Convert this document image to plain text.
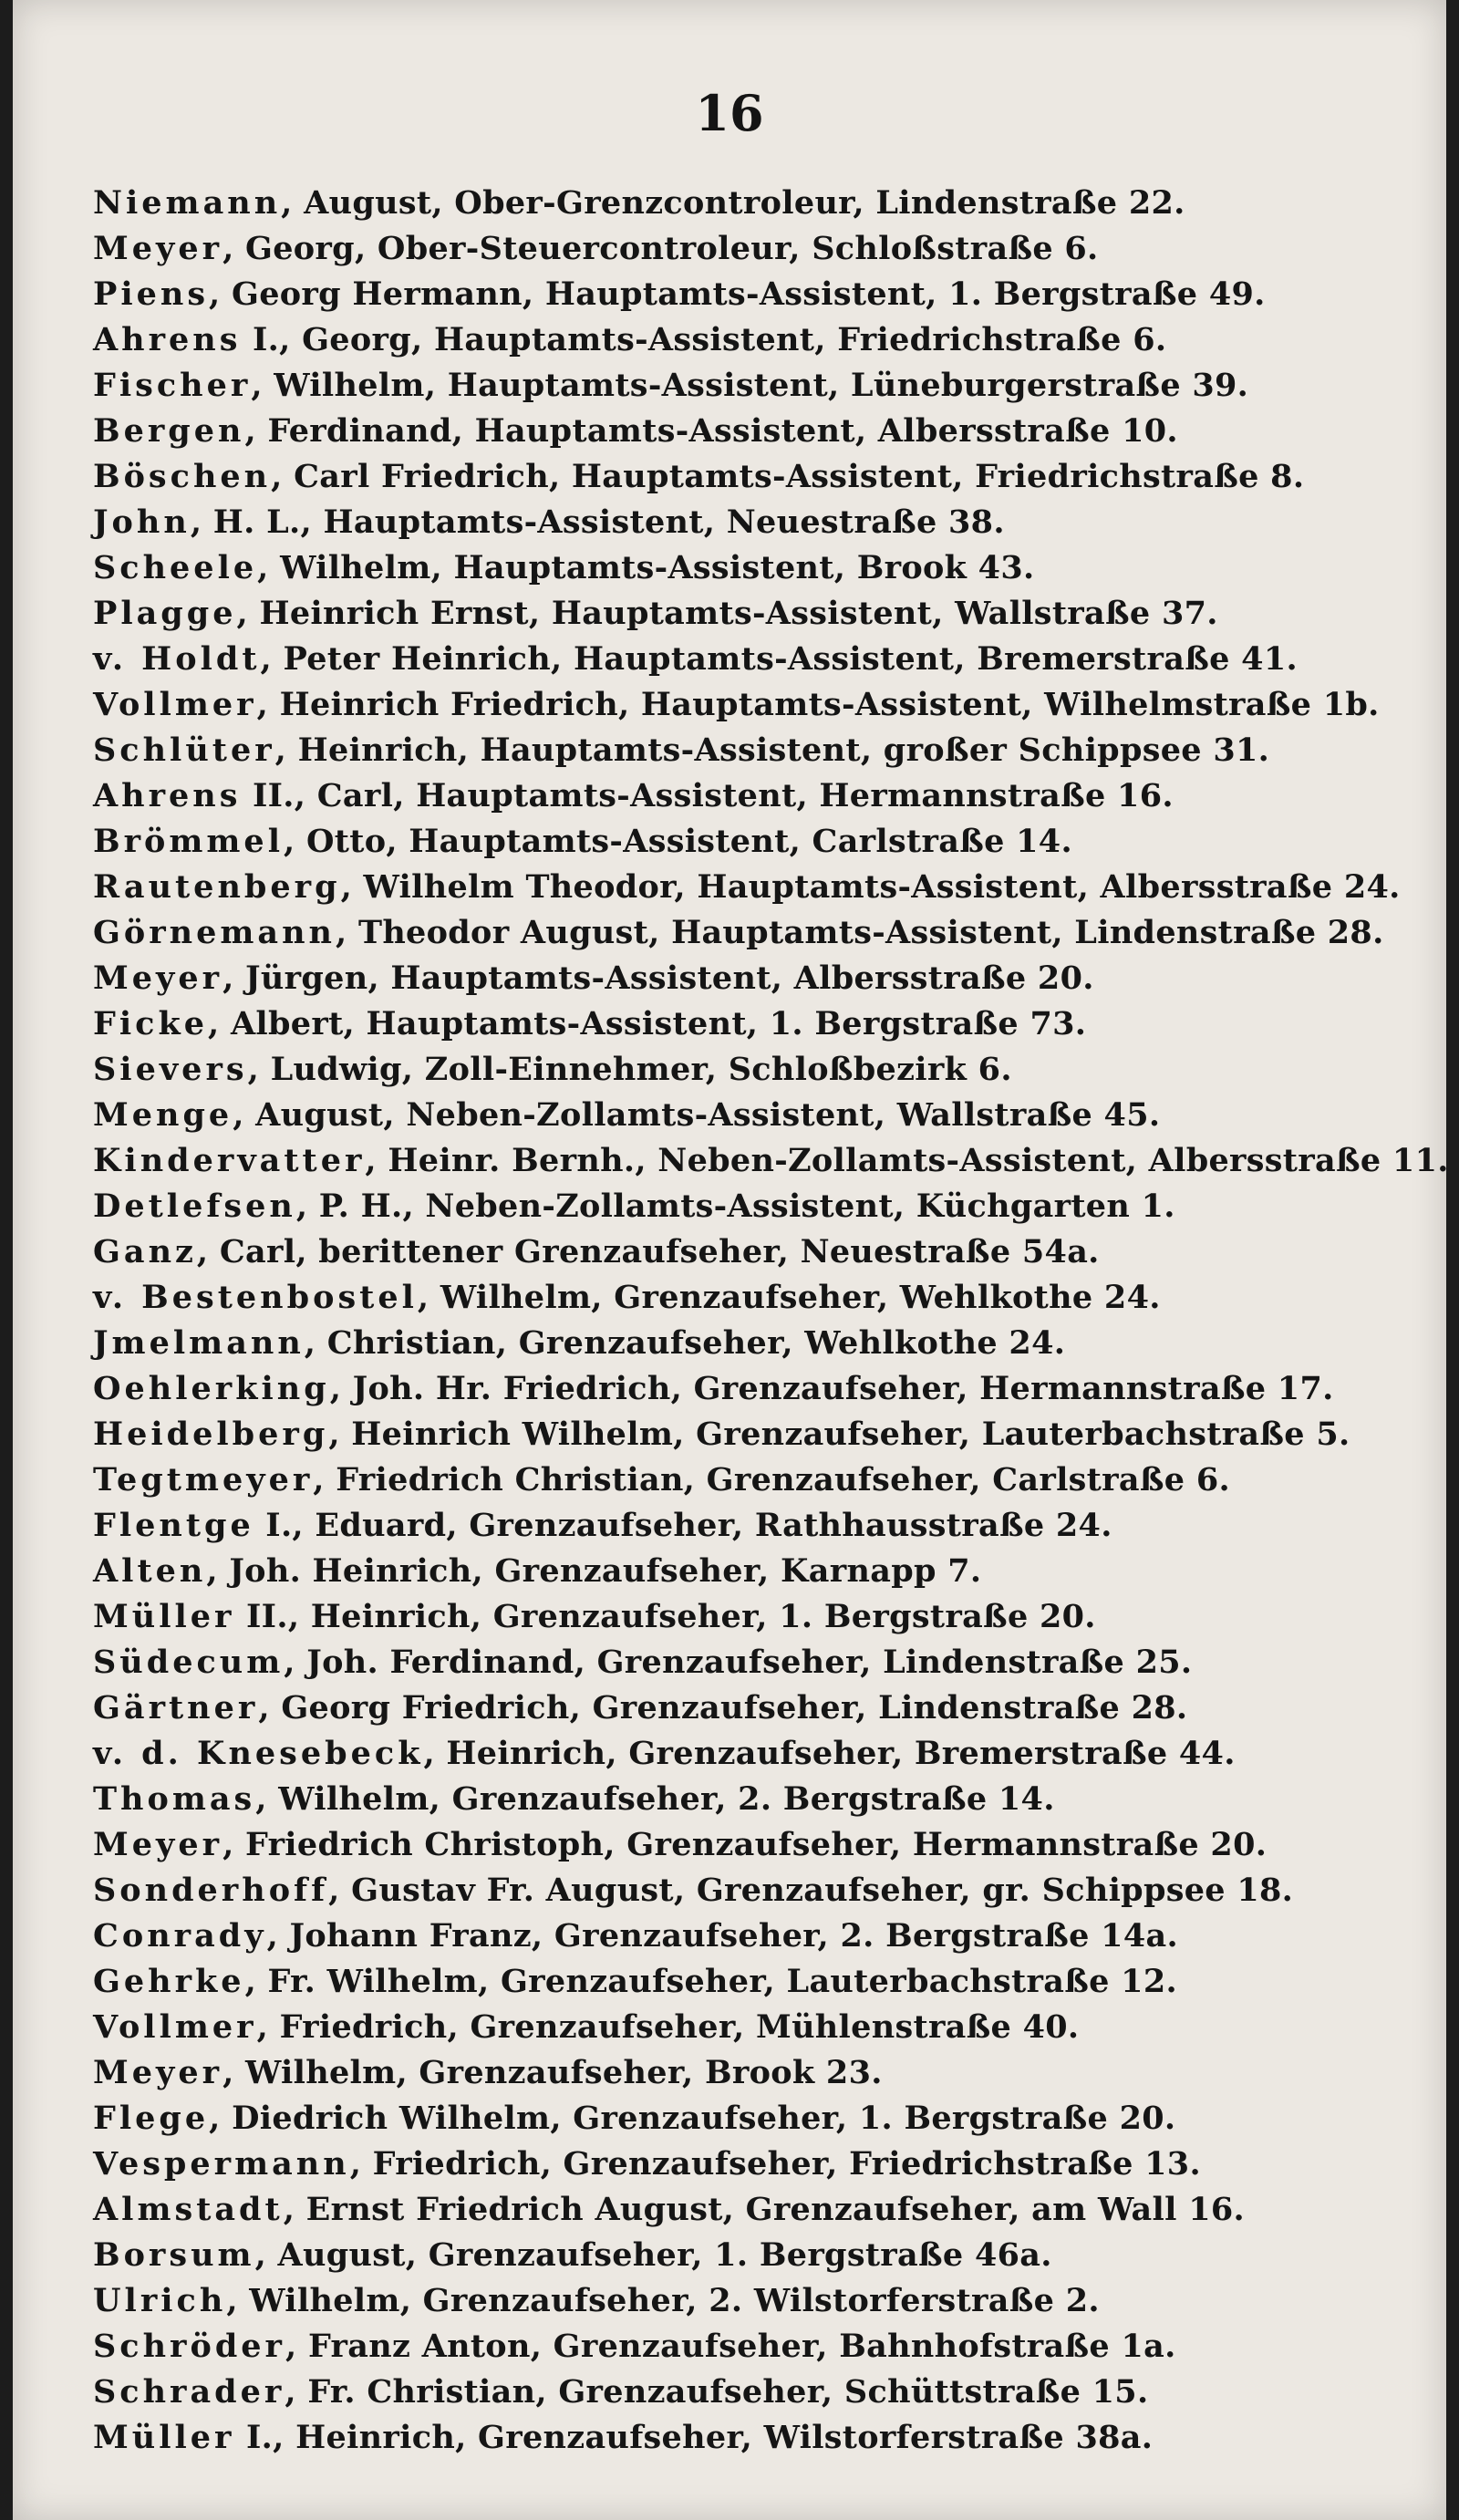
16
Niemann, August, Ober-Grenzcontroleur, Lindenstraße 22.
Meyer, Georg, Ober-Steuercontroleur, Schloßstraße 6.
Piens, Georg Hermann, Hauptamts-Assistent, 1. Bergstraße 49.
Ahrens I., Georg, Hauptamts-Assistent, Friedrichstraße 6.
Fischer, Wilhelm, Hauptamts-Assistent, Lüneburgerstraße 39.
Bergen, Ferdinand, Hauptamts-Assistent, Albersstraße 10.
Böschen, Carl Friedrich, Hauptamts-Assistent, Friedrichstraße 8.
John, H. L., Hauptamts-Assistent, Neuestraße 38.
Scheele, Wilhelm, Hauptamts-Assistent, Brook 43.
Plagge, Heinrich Ernst, Hauptamts-Assistent, Wallstraße 37.
v. Holdt, Peter Heinrich, Hauptamts-Assistent, Bremerstraße 41.
Vollmer, Heinrich Friedrich, Hauptamts-Assistent, Wilhelmstraße 1b.
Schlüter, Heinrich, Hauptamts-Assistent, großer Schippsee 31.
Ahrens II., Carl, Hauptamts-Assistent, Hermannstraße 16.
Brömmel, Otto, Hauptamts-Assistent, Carlstraße 14.
Rautenberg, Wilhelm Theodor, Hauptamts-Assistent, Albersstraße 24.
Görnemann, Theodor August, Hauptamts-Assistent, Lindenstraße 28.
Meyer, Jürgen, Hauptamts-Assistent, Albersstraße 20.
Ficke, Albert, Hauptamts-Assistent, 1. Bergstraße 73.
Sievers, Ludwig, Zoll-Einnehmer, Schloßbezirk 6.
Menge, August, Neben-Zollamts-Assistent, Wallstraße 45.
Kindervatter, Heinr. Bernh., Neben-Zollamts-Assistent, Albersstraße 11.
Detlefsen, P. H., Neben-Zollamts-Assistent, Küchgarten 1.
Ganz, Carl, berittener Grenzaufseher, Neuestraße 54a.
v. Bestenbostel, Wilhelm, Grenzaufseher, Wehlkothe 24.
Jmelmann, Christian, Grenzaufseher, Wehlkothe 24.
Oehlerking, Joh. Hr. Friedrich, Grenzaufseher, Hermannstraße 17.
Heidelberg, Heinrich Wilhelm, Grenzaufseher, Lauterbachstraße 5.
Tegtmeyer, Friedrich Christian, Grenzaufseher, Carlstraße 6.
Flentge I., Eduard, Grenzaufseher, Rathhausstraße 24.
Alten, Joh. Heinrich, Grenzaufseher, Karnapp 7.
Müller II., Heinrich, Grenzaufseher, 1. Bergstraße 20.
Südecum, Joh. Ferdinand, Grenzaufseher, Lindenstraße 25.
Gärtner, Georg Friedrich, Grenzaufseher, Lindenstraße 28.
v. d. Knesebeck, Heinrich, Grenzaufseher, Bremerstraße 44.
Thomas, Wilhelm, Grenzaufseher, 2. Bergstraße 14.
Meyer, Friedrich Christoph, Grenzaufseher, Hermannstraße 20.
Sonderhoff, Gustav Fr. August, Grenzaufseher, gr. Schippsee 18.
Conrady, Johann Franz, Grenzaufseher, 2. Bergstraße 14a.
Gehrke, Fr. Wilhelm, Grenzaufseher, Lauterbachstraße 12.
Vollmer, Friedrich, Grenzaufseher, Mühlenstraße 40.
Meyer, Wilhelm, Grenzaufseher, Brook 23.
Flege, Diedrich Wilhelm, Grenzaufseher, 1. Bergstraße 20.
Vespermann, Friedrich, Grenzaufseher, Friedrichstraße 13.
Almstadt, Ernst Friedrich August, Grenzaufseher, am Wall 16.
Borsum, August, Grenzaufseher, 1. Bergstraße 46a.
Ulrich, Wilhelm, Grenzaufseher, 2. Wilstorferstraße 2.
Schröder, Franz Anton, Grenzaufseher, Bahnhofstraße 1a.
Schrader, Fr. Christian, Grenzaufseher, Schüttstraße 15.
Müller I., Heinrich, Grenzaufseher, Wilstorferstraße 38a.
